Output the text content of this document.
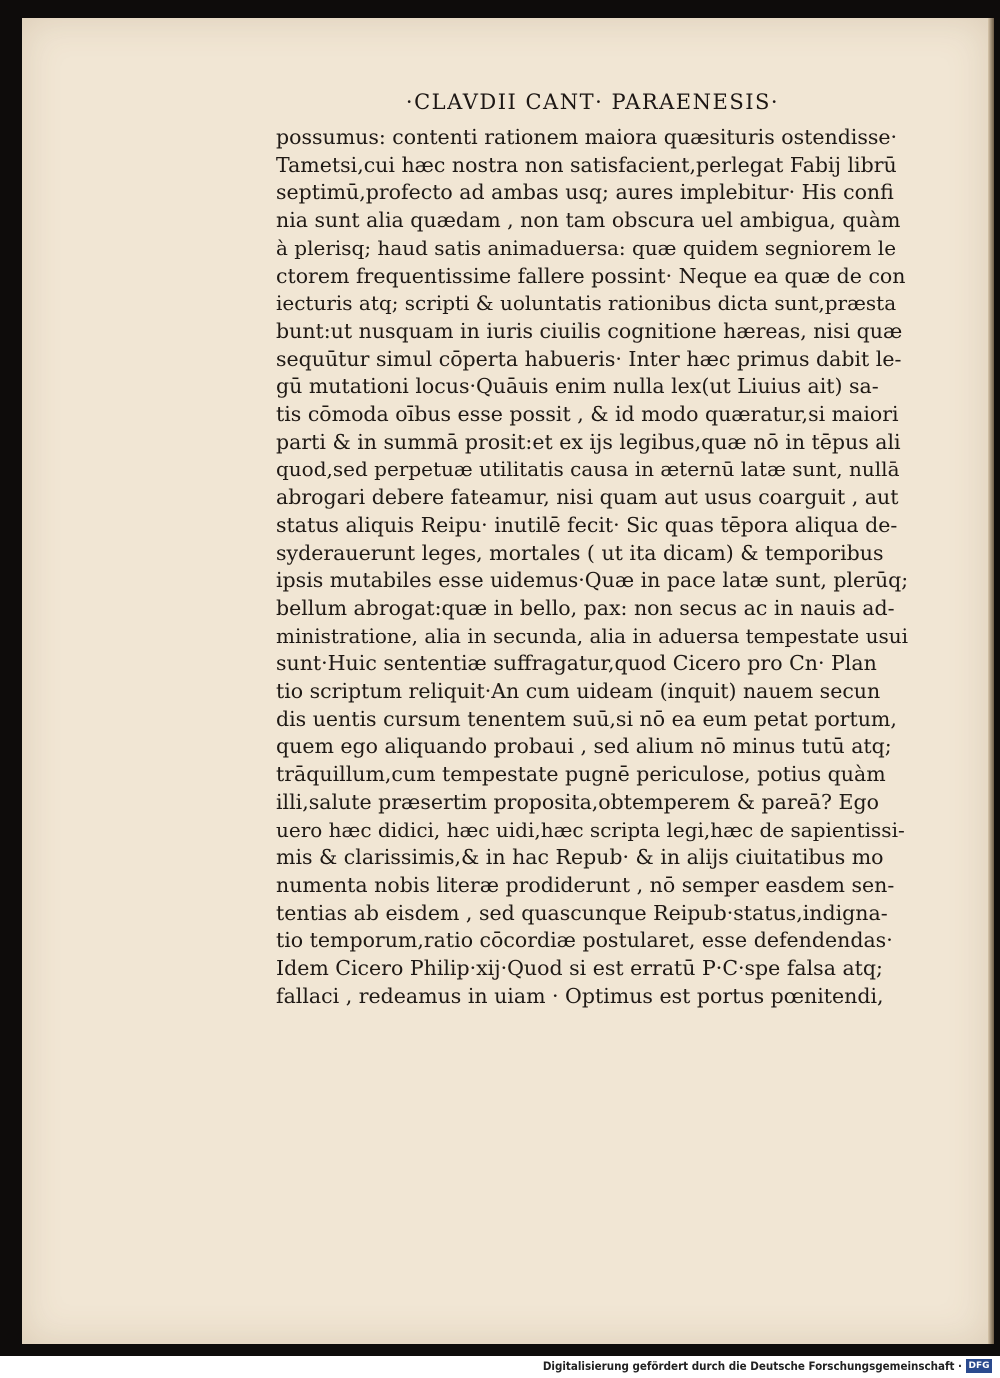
·CLAVDII CANT· PARAENESIS·
possumus: contenti rationem maiora quæsituris ostendisse·
Tametsi,cui hæc nostra non satisfacient,perlegat Fabij librū
septimū,profecto ad ambas usq; aures implebitur· His confi
nia sunt alia quædam , non tam obscura uel ambigua, quàm
à plerisq; haud satis animaduersa: quæ quidem segniorem le
ctorem frequentissime fallere possint· Neque ea quæ de con
iecturis atq; scripti & uoluntatis rationibus dicta sunt,præsta
bunt:ut nusquam in iuris ciuilis cognitione hæreas, nisi quæ
sequūtur simul cōperta habueris· Inter hæc primus dabit le-
gū mutationi locus·Quāuis enim nulla lex(ut Liuius ait) sa-
tis cōmoda oībus esse possit , & id modo quæratur,si maiori
parti & in summā prosit:et ex ijs legibus,quæ nō in tēpus ali
quod,sed perpetuæ utilitatis causa in æternū latæ sunt, nullā
abrogari debere fateamur, nisi quam aut usus coarguit , aut
status aliquis Reipu· inutilē fecit· Sic quas tēpora aliqua de-
syderauerunt leges, mortales ( ut ita dicam) & temporibus
ipsis mutabiles esse uidemus·Quæ in pace latæ sunt, plerūq;
bellum abrogat:quæ in bello, pax: non secus ac in nauis ad-
ministratione, alia in secunda, alia in aduersa tempestate usui
sunt·Huic sententiæ suffragatur,quod Cicero pro Cn· Plan
tio scriptum reliquit·An cum uideam (inquit) nauem secun
dis uentis cursum tenentem suū,si nō ea eum petat portum,
quem ego aliquando probaui , sed alium nō minus tutū atq;
trāquillum,cum tempestate pugnē periculose, potius quàm
illi,salute præsertim proposita,obtemperem & pareā? Ego
uero hæc didici, hæc uidi,hæc scripta legi,hæc de sapientissi-
mis & clarissimis,& in hac Repub· & in alijs ciuitatibus mo
numenta nobis literæ prodiderunt , nō semper easdem sen-
tentias ab eisdem , sed quascunque Reipub·status,indigna-
tio temporum,ratio cōcordiæ postularet, esse defendendas·
Idem Cicero Philip·xij·Quod si est erratū P·C·spe falsa atq;
fallaci , redeamus in uiam · Optimus est portus pœnitendi,
Digitalisierung gefördert durch die Deutsche Forschungsgemeinschaft · DFG
